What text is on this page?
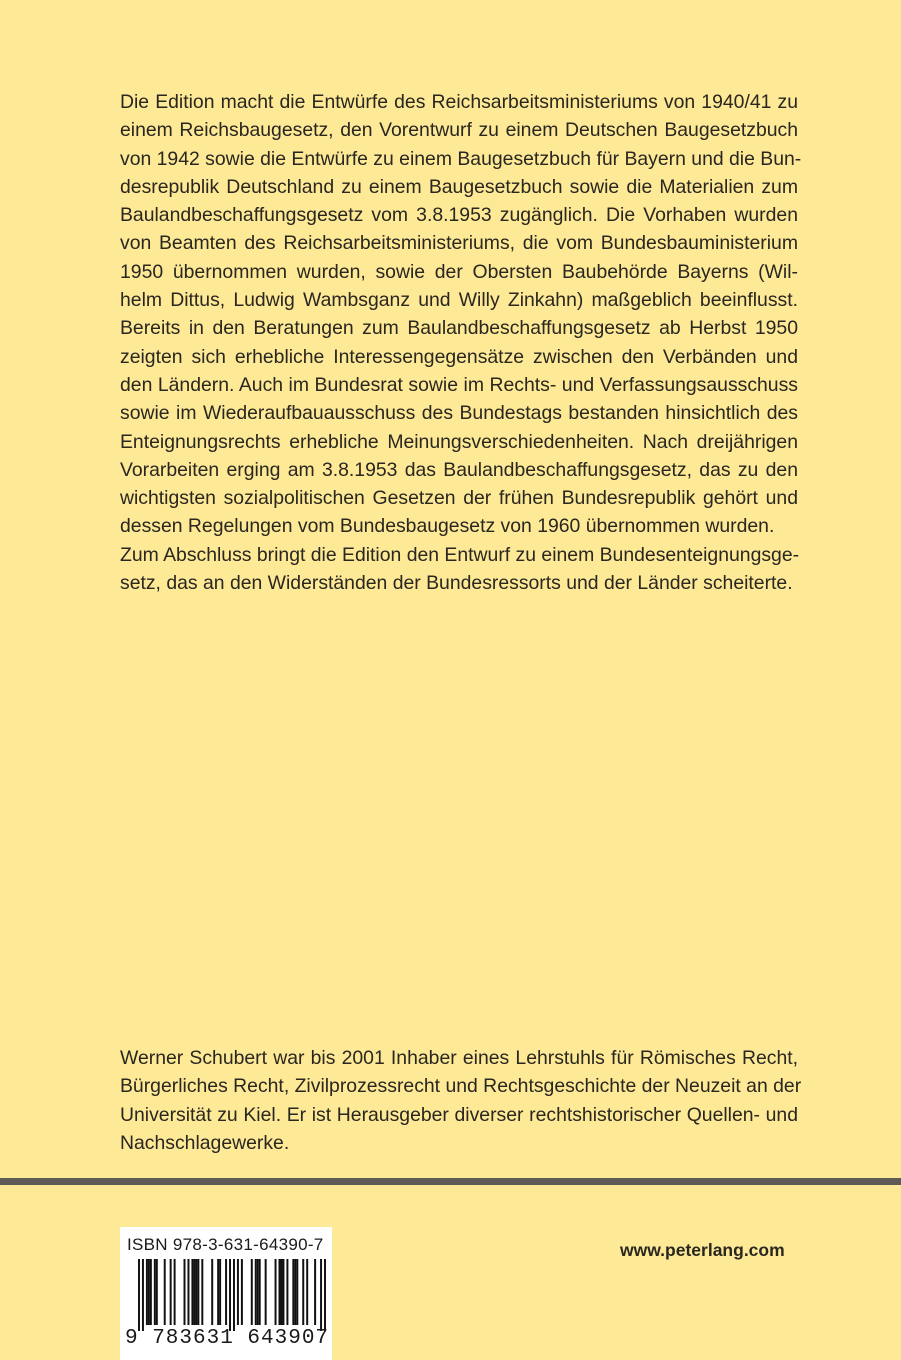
Die Edition macht die Entwürfe des Reichsarbeitsministeriums von 1940/41 zu
einem Reichsbaugesetz, den Vorentwurf zu einem Deutschen Baugesetzbuch
von 1942 sowie die Entwürfe zu einem Baugesetzbuch für Bayern und die Bun-
desrepublik Deutschland zu einem Baugesetzbuch sowie die Materialien zum
Baulandbeschaffungsgesetz vom 3.8.1953 zugänglich. Die Vorhaben wurden
von Beamten des Reichsarbeitsministeriums, die vom Bundesbauministerium
1950 übernommen wurden, sowie der Obersten Baubehörde Bayerns (Wil-
helm Dittus, Ludwig Wambsganz und Willy Zinkahn) maßgeblich beeinflusst.
Bereits in den Beratungen zum Baulandbeschaffungsgesetz ab Herbst 1950
zeigten sich erhebliche Interessengegensätze zwischen den Verbänden und
den Ländern. Auch im Bundesrat sowie im Rechts- und Verfassungsausschuss
sowie im Wiederaufbauausschuss des Bundestags bestanden hinsichtlich des
Enteignungsrechts erhebliche Meinungsverschiedenheiten. Nach dreijährigen
Vorarbeiten erging am 3.8.1953 das Baulandbeschaffungsgesetz, das zu den
wichtigsten sozialpolitischen Gesetzen der frühen Bundesrepublik gehört und
dessen Regelungen vom Bundesbaugesetz von 1960 übernommen wurden.
Zum Abschluss bringt die Edition den Entwurf zu einem Bundesenteignungsge-
setz, das an den Widerständen der Bundesressorts und der Länder scheiterte.
Werner Schubert war bis 2001 Inhaber eines Lehrstuhls für Römisches Recht,
Bürgerliches Recht, Zivilprozessrecht und Rechtsgeschichte der Neuzeit an der
Universität zu Kiel. Er ist Herausgeber diverser rechtshistorischer Quellen- und
Nachschlagewerke.
ISBN 978-3-631-64390-7
9 783631 643907
www.peterlang.com
